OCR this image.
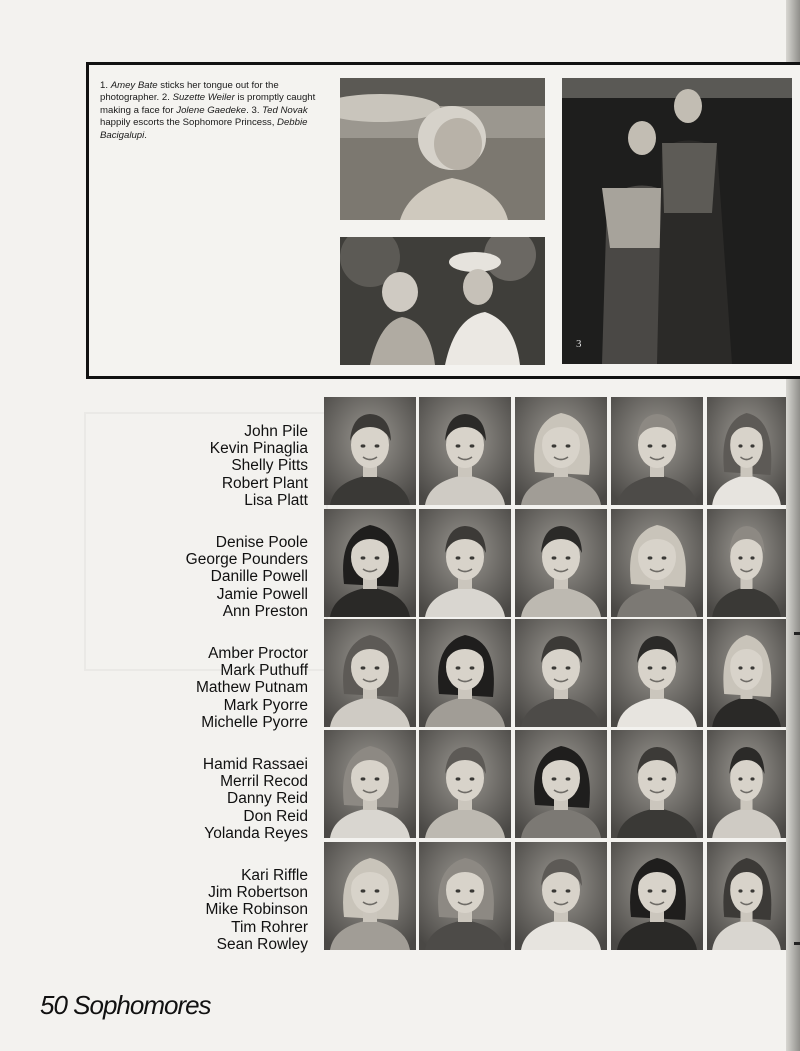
1. Amey Bate sticks her tongue out for the photographer. 2. Suzette Weiler is promptly caught making a face for Jolene Gaedeke. 3. Ted Novak happily escorts the Sophomore Princess, Debbie Bacigalupi.
3
John Pile
Kevin Pinaglia
Shelly Pitts
Robert Plant
Lisa Platt
Denise Poole
George Pounders
Danille Powell
Jamie Powell
Ann Preston
Amber Proctor
Mark Puthuff
Mathew Putnam
Mark Pyorre
Michelle Pyorre
Hamid Rassaei
Merril Recod
Danny Reid
Don Reid
Yolanda Reyes
Kari Riffle
Jim Robertson
Mike Robinson
Tim Rohrer
Sean Rowley
50 Sophomores
